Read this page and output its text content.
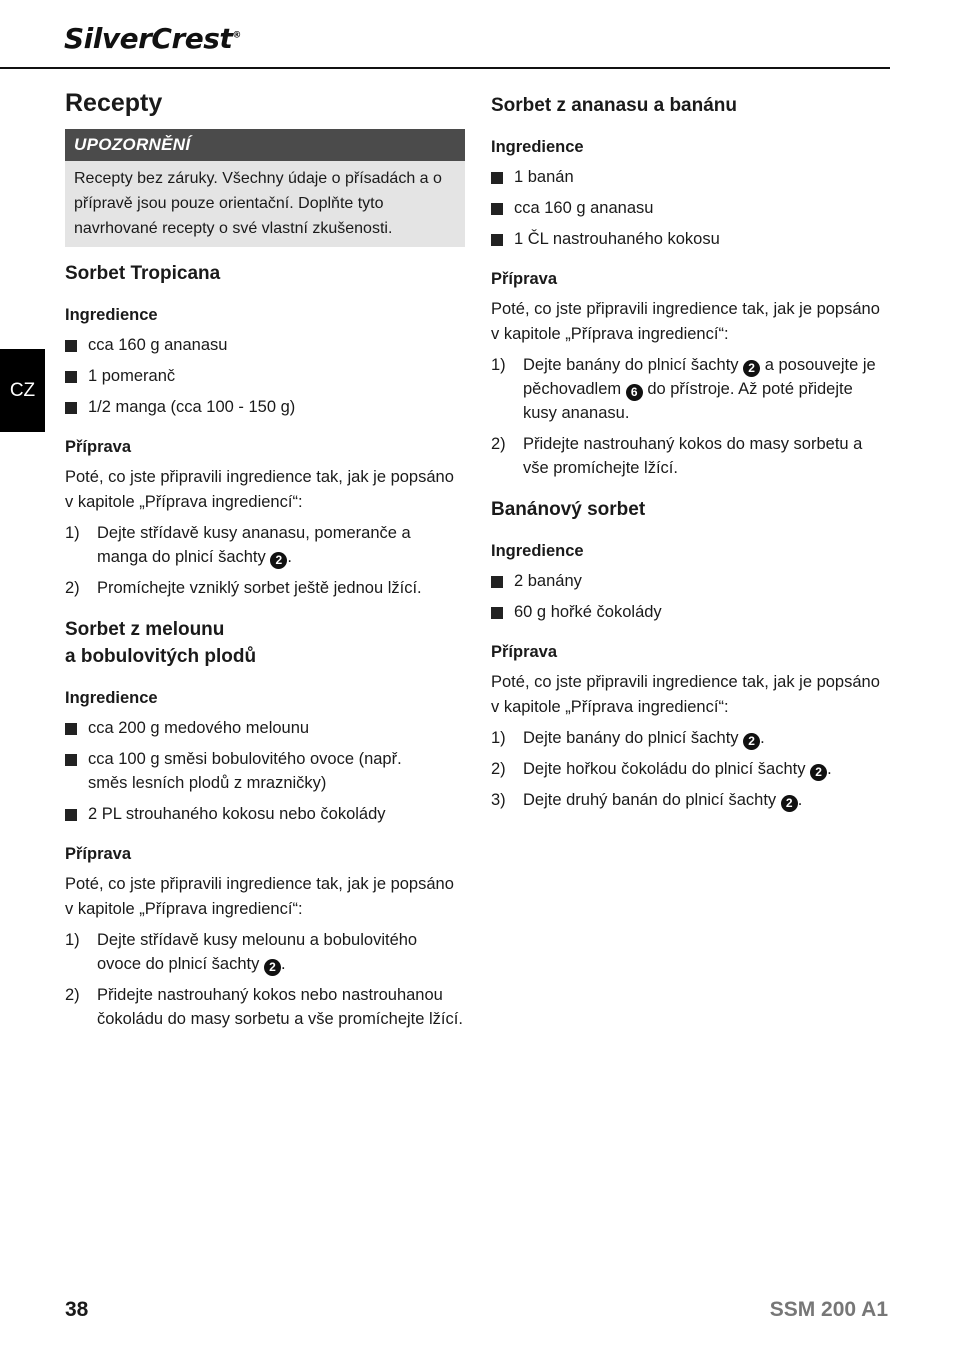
SilverCrest®
CZ
Recepty
UPOZORNĚNÍ
Recepty bez záruky. Všechny údaje o přísadách a o přípravě jsou pouze orientační. Doplňte tyto navrhované recepty o své vlastní zkušenosti.
Sorbet Tropicana
Ingredience
cca 160 g ananasu
1 pomeranč
1/2 manga (cca 100 - 150 g)
Příprava

Poté, co jste připravili ingredience tak, jak je popsáno v kapitole „Příprava ingrediencí“:

1) Dejte střídavě kusy ananasu, pomeranče a manga do plnicí šachty 2 .
2) Promíchejte vzniklý sorbet ještě jednou lžící.
Sorbet z melounu
a bobulovitých plodů
Ingredience
cca 200 g medového melounu
cca 100 g směsi bobulovitého ovoce (např. směs lesních plodů z mrazničky)
2 PL strouhaného kokosu nebo čokolády
Příprava

Poté, co jste připravili ingredience tak, jak je popsáno v kapitole „Příprava ingrediencí“:

1) Dejte střídavě kusy melounu a bobulovitého ovoce do plnicí šachty 2 .
2) Přidejte nastrouhaný kokos nebo nastrouhanou čokoládu do masy sorbetu a vše promíchejte lžící.
Sorbet z ananasu a banánu
Ingredience
1 banán
cca 160 g ananasu
1 ČL nastrouhaného kokosu
Příprava

Poté, co jste připravili ingredience tak, jak je popsáno v kapitole „Příprava ingrediencí“:

1) Dejte banány do plnicí šachty 2 a posouvejte je pěchovadlem 6 do přístroje. Až poté přidejte kusy ananasu.
2) Přidejte nastrouhaný kokos do masy sorbetu a vše promíchejte lžící.
Banánový sorbet
Ingredience
2 banány
60 g hořké čokolády
Příprava

Poté, co jste připravili ingredience tak, jak je popsáno v kapitole „Příprava ingrediencí“:

1) Dejte banány do plnicí šachty 2 .
2) Dejte hořkou čokoládu do plnicí šachty 2 .
3) Dejte druhý banán do plnicí šachty 2 .
38	SSM 200 A1
